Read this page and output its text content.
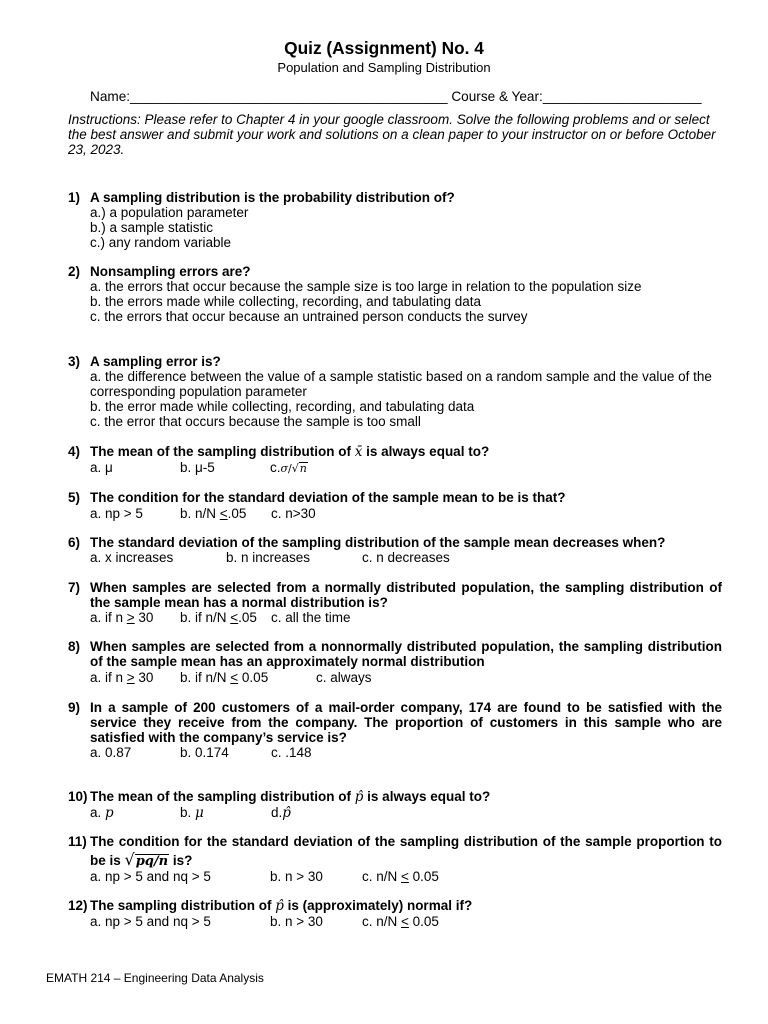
Quiz (Assignment) No. 4
Population and Sampling Distribution
Name:__________________________________________ Course & Year:_____________________
Instructions: Please refer to Chapter 4 in your google classroom. Solve the following problems and or select
the best answer and submit your work and solutions on a clean paper to your instructor on or before October
23, 2023.
1) A sampling distribution is the probability distribution of?
a.) a population parameter
b.) a sample statistic
c.) any random variable
2) Nonsampling errors are?
a. the errors that occur because the sample size is too large in relation to the population size
b. the errors made while collecting, recording, and tabulating data
c. the errors that occur because an untrained person conducts the survey
3) A sampling error is?
a. the difference between the value of a sample statistic based on a random sample and the value of the
corresponding population parameter
b. the error made while collecting, recording, and tabulating data
c. the error that occurs because the sample is too small
4) The mean of the sampling distribution of x̄ is always equal to?
a. μ	b. μ-5	c.σ/√n
5) The condition for the standard deviation of the sample mean to be is that?
a. np > 5	b. n/N <.05 c. n>30
6) The standard deviation of the sampling distribution of the sample mean decreases when?
a. x increases	b. n increases	c. n decreases
7) When samples are selected from a normally distributed population, the sampling distribution of
the sample mean has a normal distribution is?
a. if n > 30 b. if n/N <.05 c. all the time
8) When samples are selected from a nonnormally distributed population, the sampling distribution
of the sample mean has an approximately normal distribution
a. if n > 30 b. if n/N < 0.05	c. always
9) In a sample of 200 customers of a mail-order company, 174 are found to be satisfied with the
service they receive from the company. The proportion of customers in this sample who are
satisfied with the company’s service is?
a. 0.87	b. 0.174	c. .148
10) The mean of the sampling distribution of p̂ is always equal to?
a. p	b. μ	d.p̂
11) The condition for the standard deviation of the sampling distribution of the sample proportion to
be is √pq/n is?
a. np > 5 and nq > 5	b. n > 30	c. n/N < 0.05
12) The sampling distribution of p̂ is (approximately) normal if?
a. np > 5 and nq > 5	b. n > 30	c. n/N < 0.05
EMATH 214 – Engineering Data Analysis
